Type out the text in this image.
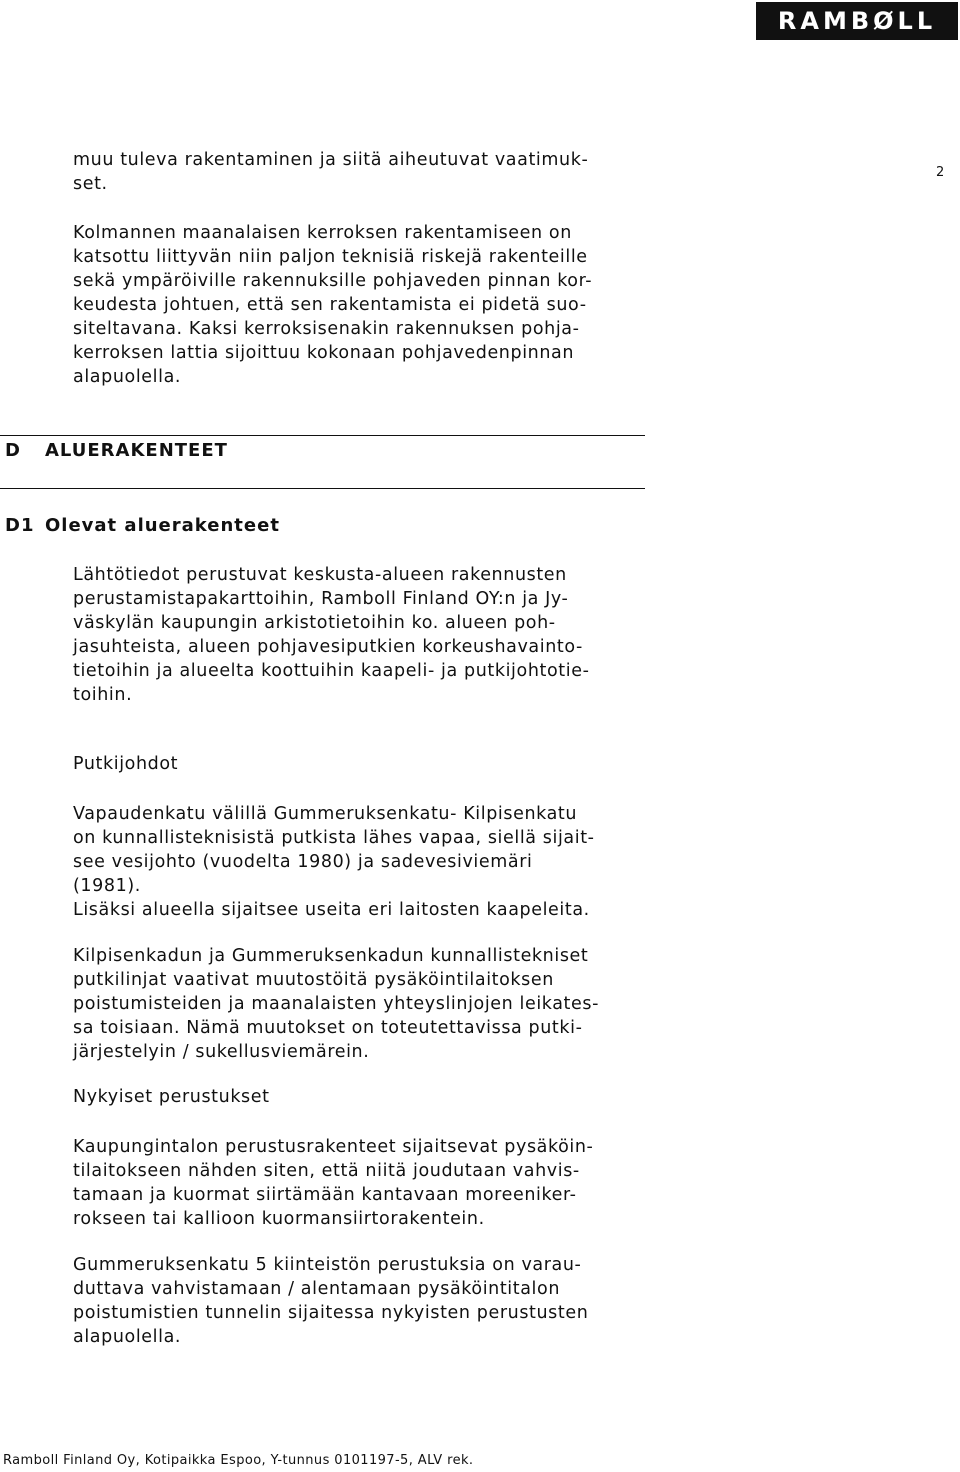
RAMBØLL
2
muu tuleva rakentaminen ja siitä aiheutuvat vaatimuk-
set.
Kolmannen maanalaisen kerroksen rakentamiseen on
katsottu liittyvän niin paljon teknisiä riskejä rakenteille
sekä ympäröiville rakennuksille pohjaveden pinnan kor-
keudesta johtuen, että sen rakentamista ei pidetä suo-
siteltavana. Kaksi kerroksisenakin rakennuksen pohja-
kerroksen lattia sijoittuu kokonaan pohjavedenpinnan
alapuolella.
D ALUERAKENTEET
D1 Olevat aluerakenteet
Lähtötiedot perustuvat keskusta-alueen rakennusten
perustamistapakarttoihin, Ramboll Finland OY:n ja Jy-
väskylän kaupungin arkistotietoihin ko. alueen poh-
jasuhteista, alueen pohjavesiputkien korkeushavainto-
tietoihin ja alueelta koottuihin kaapeli- ja putkijohtotie-
toihin.
Putkijohdot
Vapaudenkatu välillä Gummeruksenkatu- Kilpisenkatu
on kunnallisteknisistä putkista lähes vapaa, siellä sijait-
see vesijohto (vuodelta 1980) ja sadevesiviemäri
(1981).
Lisäksi alueella sijaitsee useita eri laitosten kaapeleita.
Kilpisenkadun ja Gummeruksenkadun kunnallistekniset
putkilinjat vaativat muutostöitä pysäköintilaitoksen
poistumisteiden ja maanalaisten yhteyslinjojen leikates-
sa toisiaan. Nämä muutokset on toteutettavissa putki-
järjestelyin / sukellusviemärein.
Nykyiset perustukset
Kaupungintalon perustusrakenteet sijaitsevat pysäköin-
tilaitokseen nähden siten, että niitä joudutaan vahvis-
tamaan ja kuormat siirtämään kantavaan moreeniker-
rokseen tai kallioon kuormansiirtorakentein.
Gummeruksenkatu 5 kiinteistön perustuksia on varau-
duttava vahvistamaan / alentamaan pysäköintitalon
poistumistien tunnelin sijaitessa nykyisten perustusten
alapuolella.
Ramboll Finland Oy, Kotipaikka Espoo, Y-tunnus 0101197-5, ALV rek.
